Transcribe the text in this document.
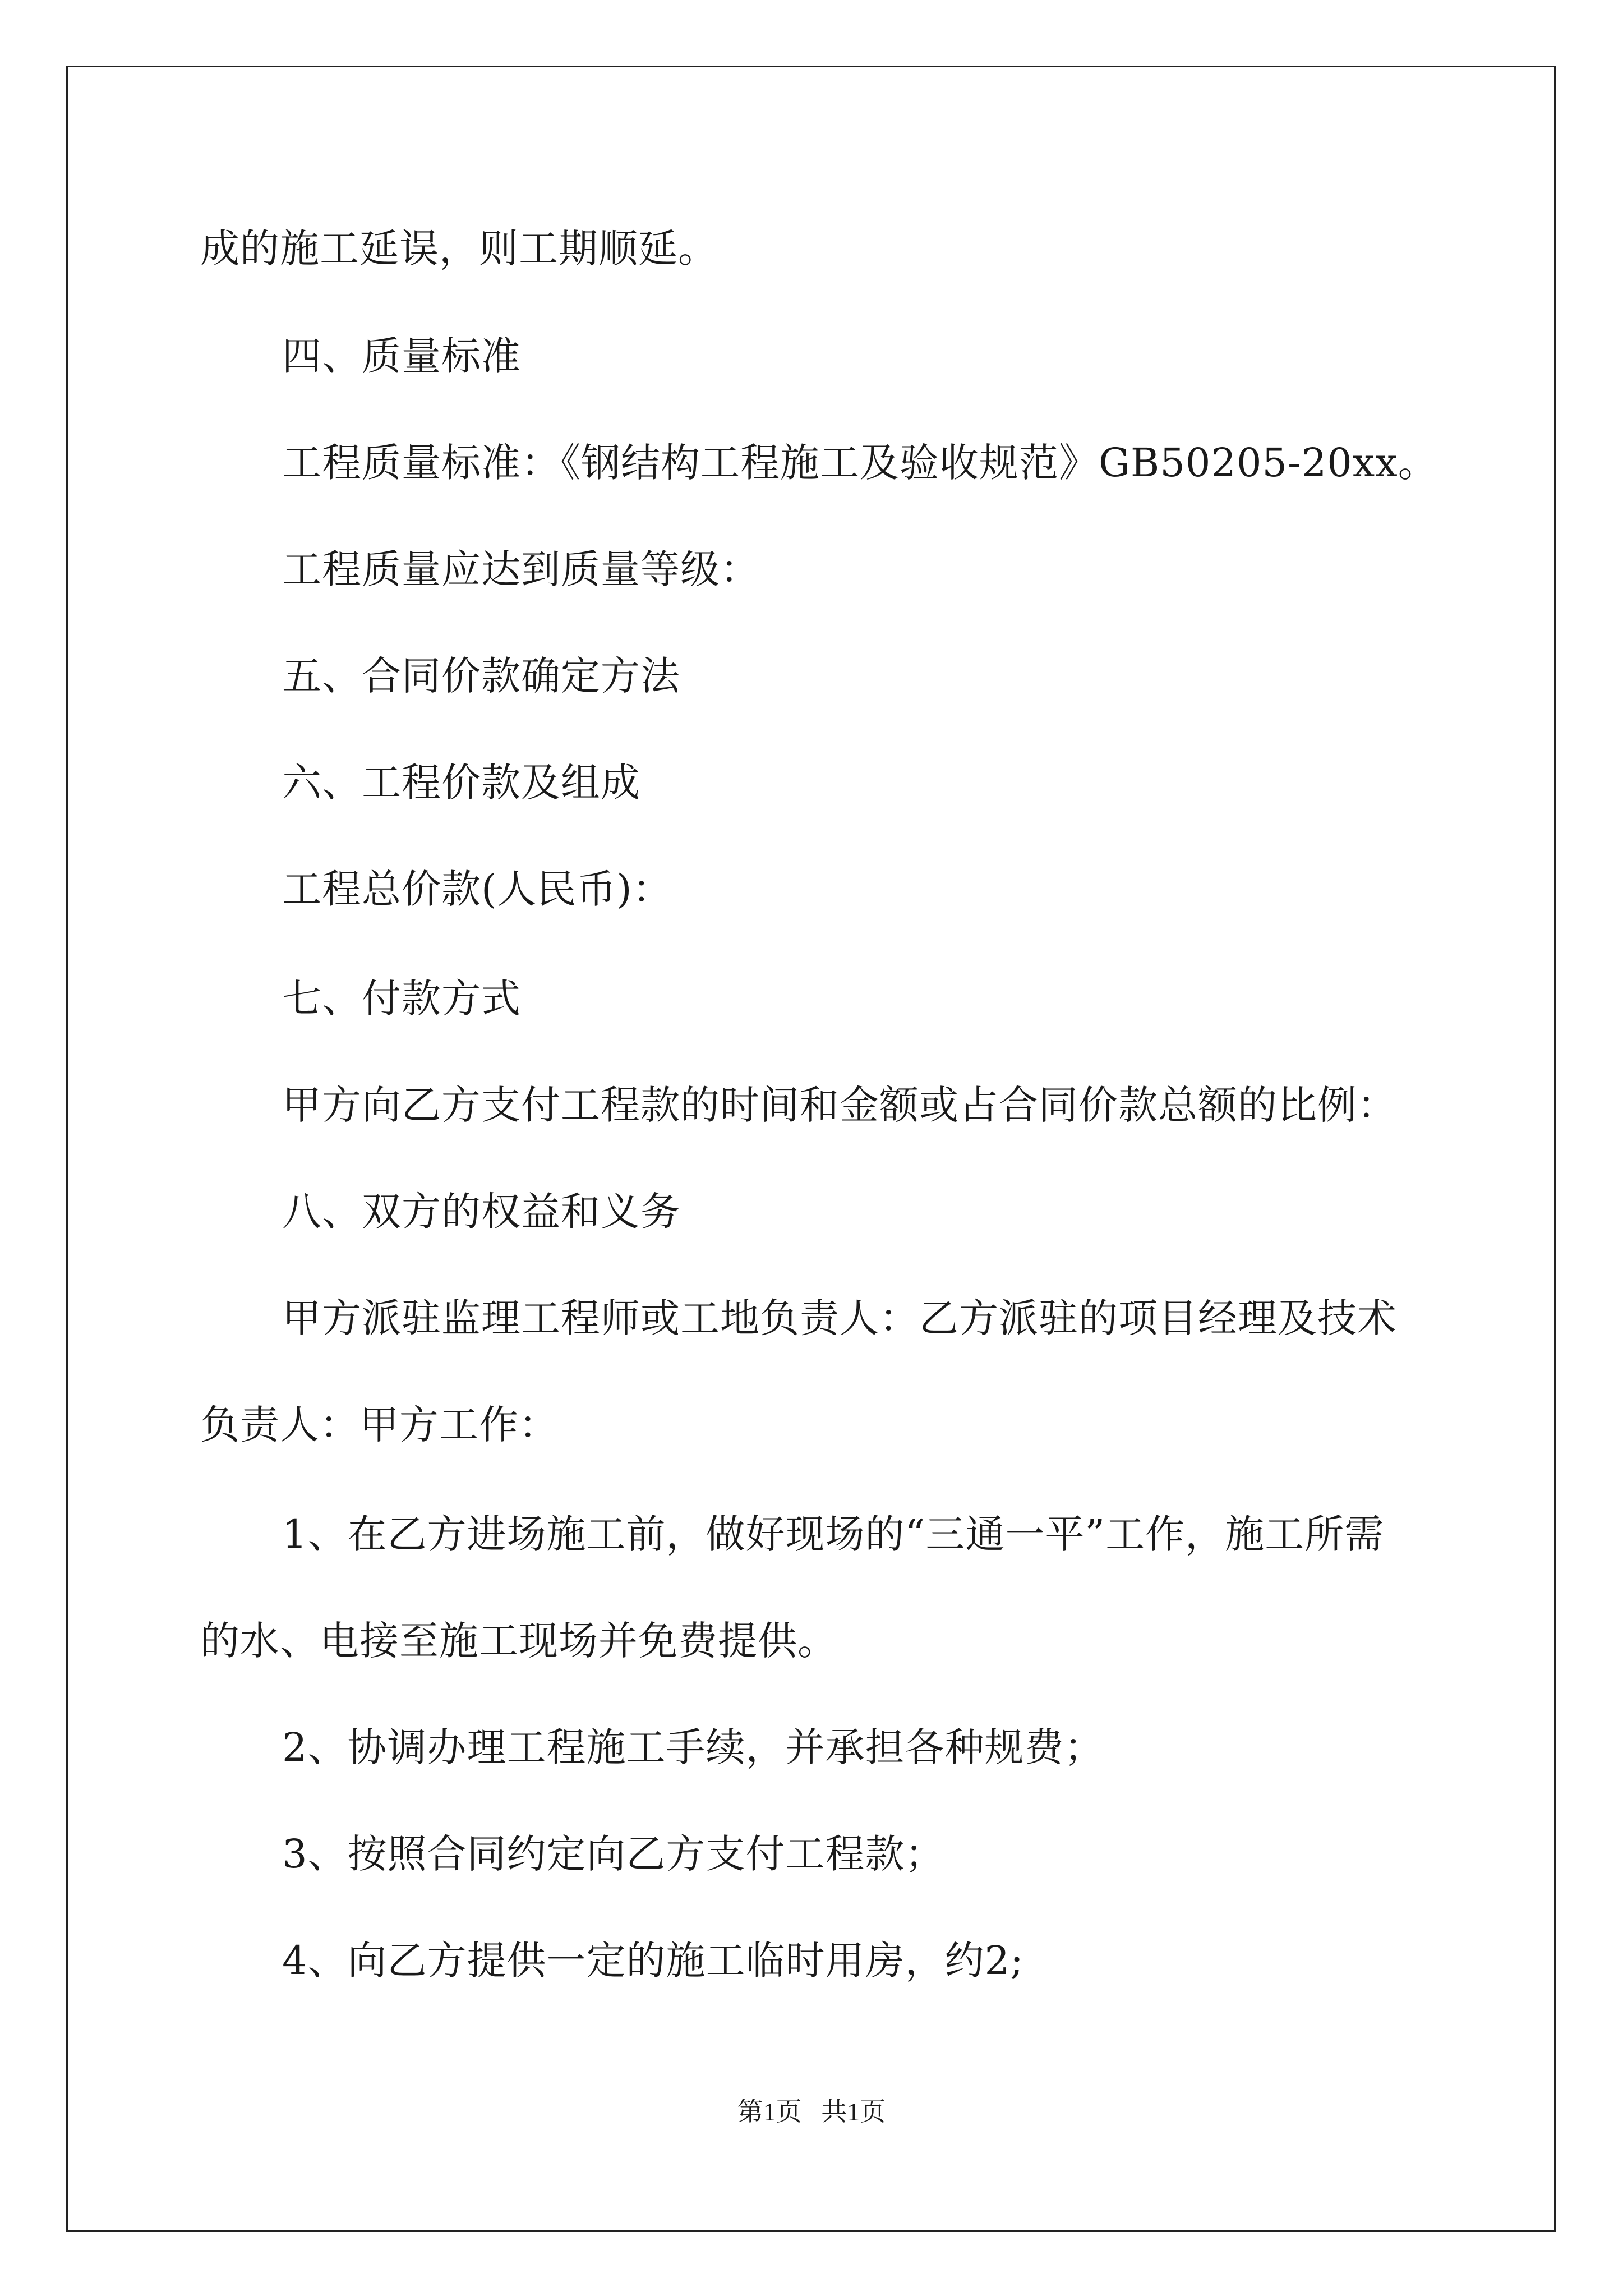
成的施工延误，则工期顺延。

四、质量标准

工程质量标准：《钢结构工程施工及验收规范》GB50205-20xx。

工程质量应达到质量等级：

五、合同价款确定方法

六、工程价款及组成

工程总价款(人民币)：

七、付款方式

甲方向乙方支付工程款的时间和金额或占合同价款总额的比例：

八、双方的权益和义务

甲方派驻监理工程师或工地负责人：乙方派驻的项目经理及技术

负责人：甲方工作：

1、在乙方进场施工前，做好现场的“三通一平”工作，施工所需

的水、电接至施工现场并免费提供。

2、协调办理工程施工手续，并承担各种规费；

3、按照合同约定向乙方支付工程款；

4、向乙方提供一定的施工临时用房，约2;

第1页 共1页
